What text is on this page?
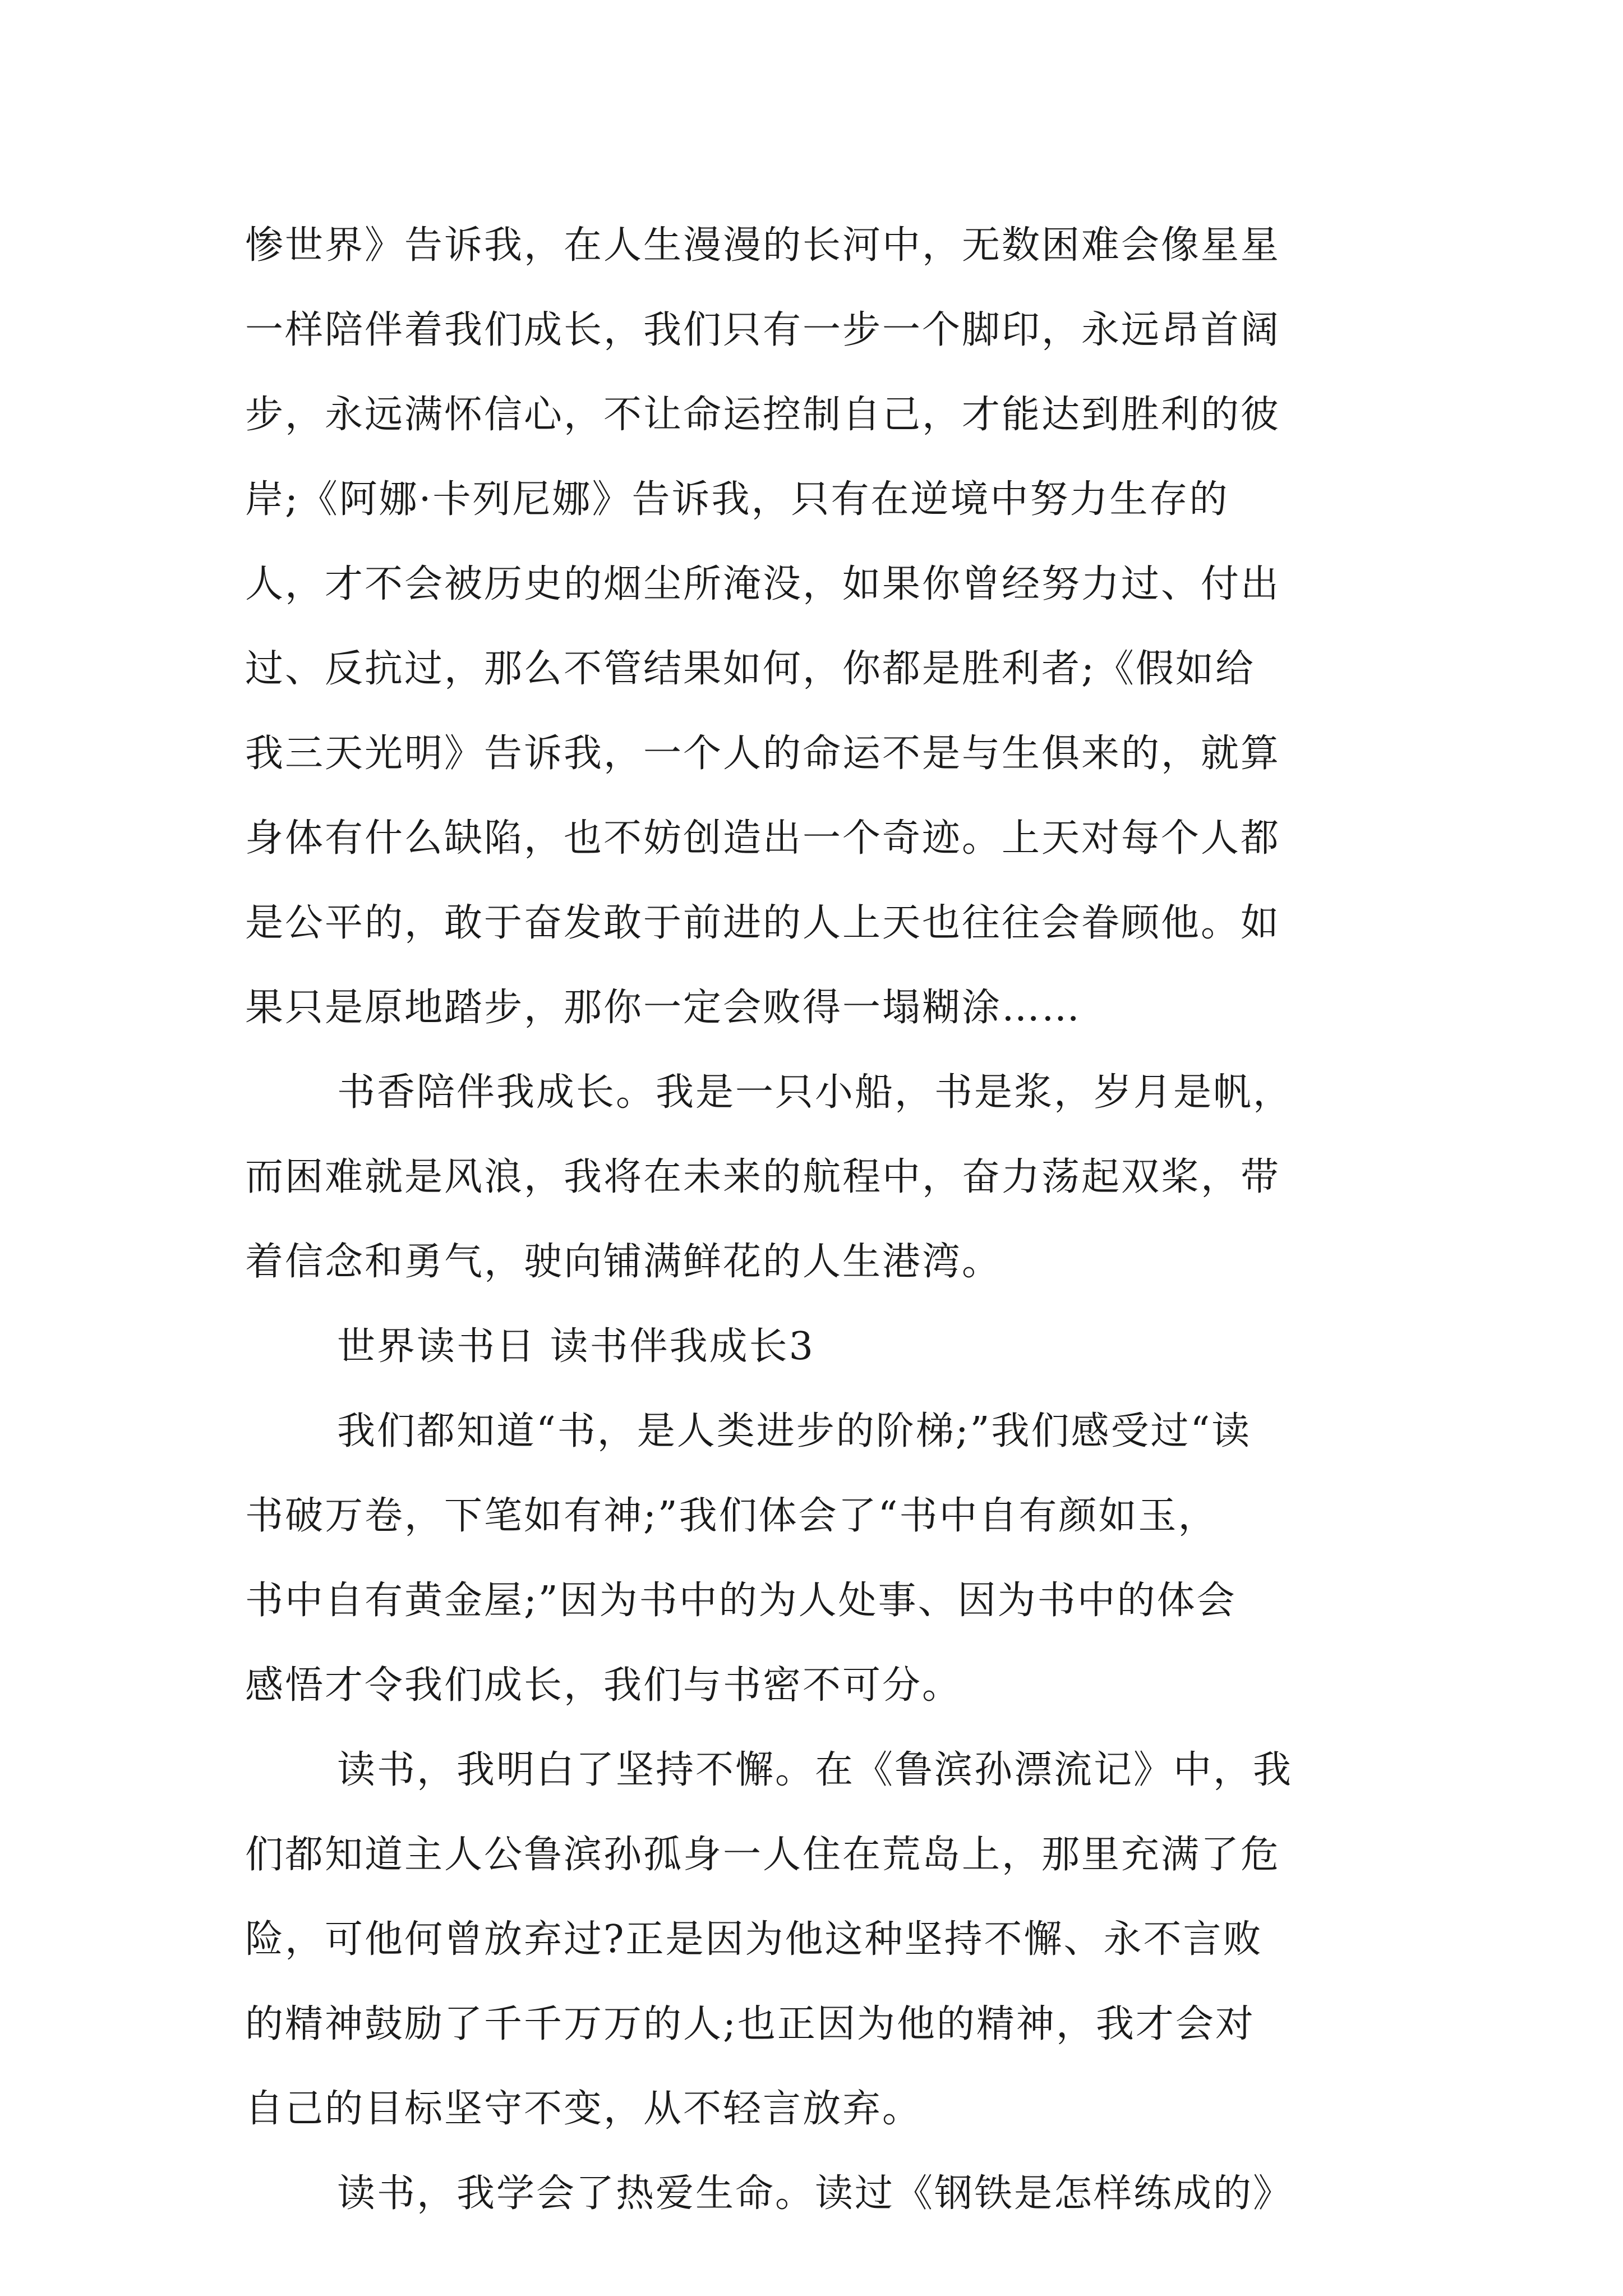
惨世界》告诉我，在人生漫漫的长河中，无数困难会像星星
一样陪伴着我们成长，我们只有一步一个脚印，永远昂首阔
步，永远满怀信心，不让命运控制自己，才能达到胜利的彼
岸;《阿娜·卡列尼娜》告诉我，只有在逆境中努力生存的
人，才不会被历史的烟尘所淹没，如果你曾经努力过、付出
过、反抗过，那么不管结果如何，你都是胜利者;《假如给
我三天光明》告诉我，一个人的命运不是与生俱来的，就算
身体有什么缺陷，也不妨创造出一个奇迹。上天对每个人都
是公平的，敢于奋发敢于前进的人上天也往往会眷顾他。如
果只是原地踏步，那你一定会败得一塌糊涂……
书香陪伴我成长。我是一只小船，书是浆，岁月是帆，
而困难就是风浪，我将在未来的航程中，奋力荡起双桨，带
着信念和勇气，驶向铺满鲜花的人生港湾。
世界读书日 读书伴我成长3
我们都知道“书，是人类进步的阶梯;”我们感受过“读
书破万卷，下笔如有神;”我们体会了“书中自有颜如玉，
书中自有黄金屋;”因为书中的为人处事、因为书中的体会
感悟才令我们成长，我们与书密不可分。
读书，我明白了坚持不懈。在《鲁滨孙漂流记》中，我
们都知道主人公鲁滨孙孤身一人住在荒岛上，那里充满了危
险，可他何曾放弃过?正是因为他这种坚持不懈、永不言败
的精神鼓励了千千万万的人;也正因为他的精神，我才会对
自己的目标坚守不变，从不轻言放弃。
读书，我学会了热爱生命。读过《钢铁是怎样练成的》
